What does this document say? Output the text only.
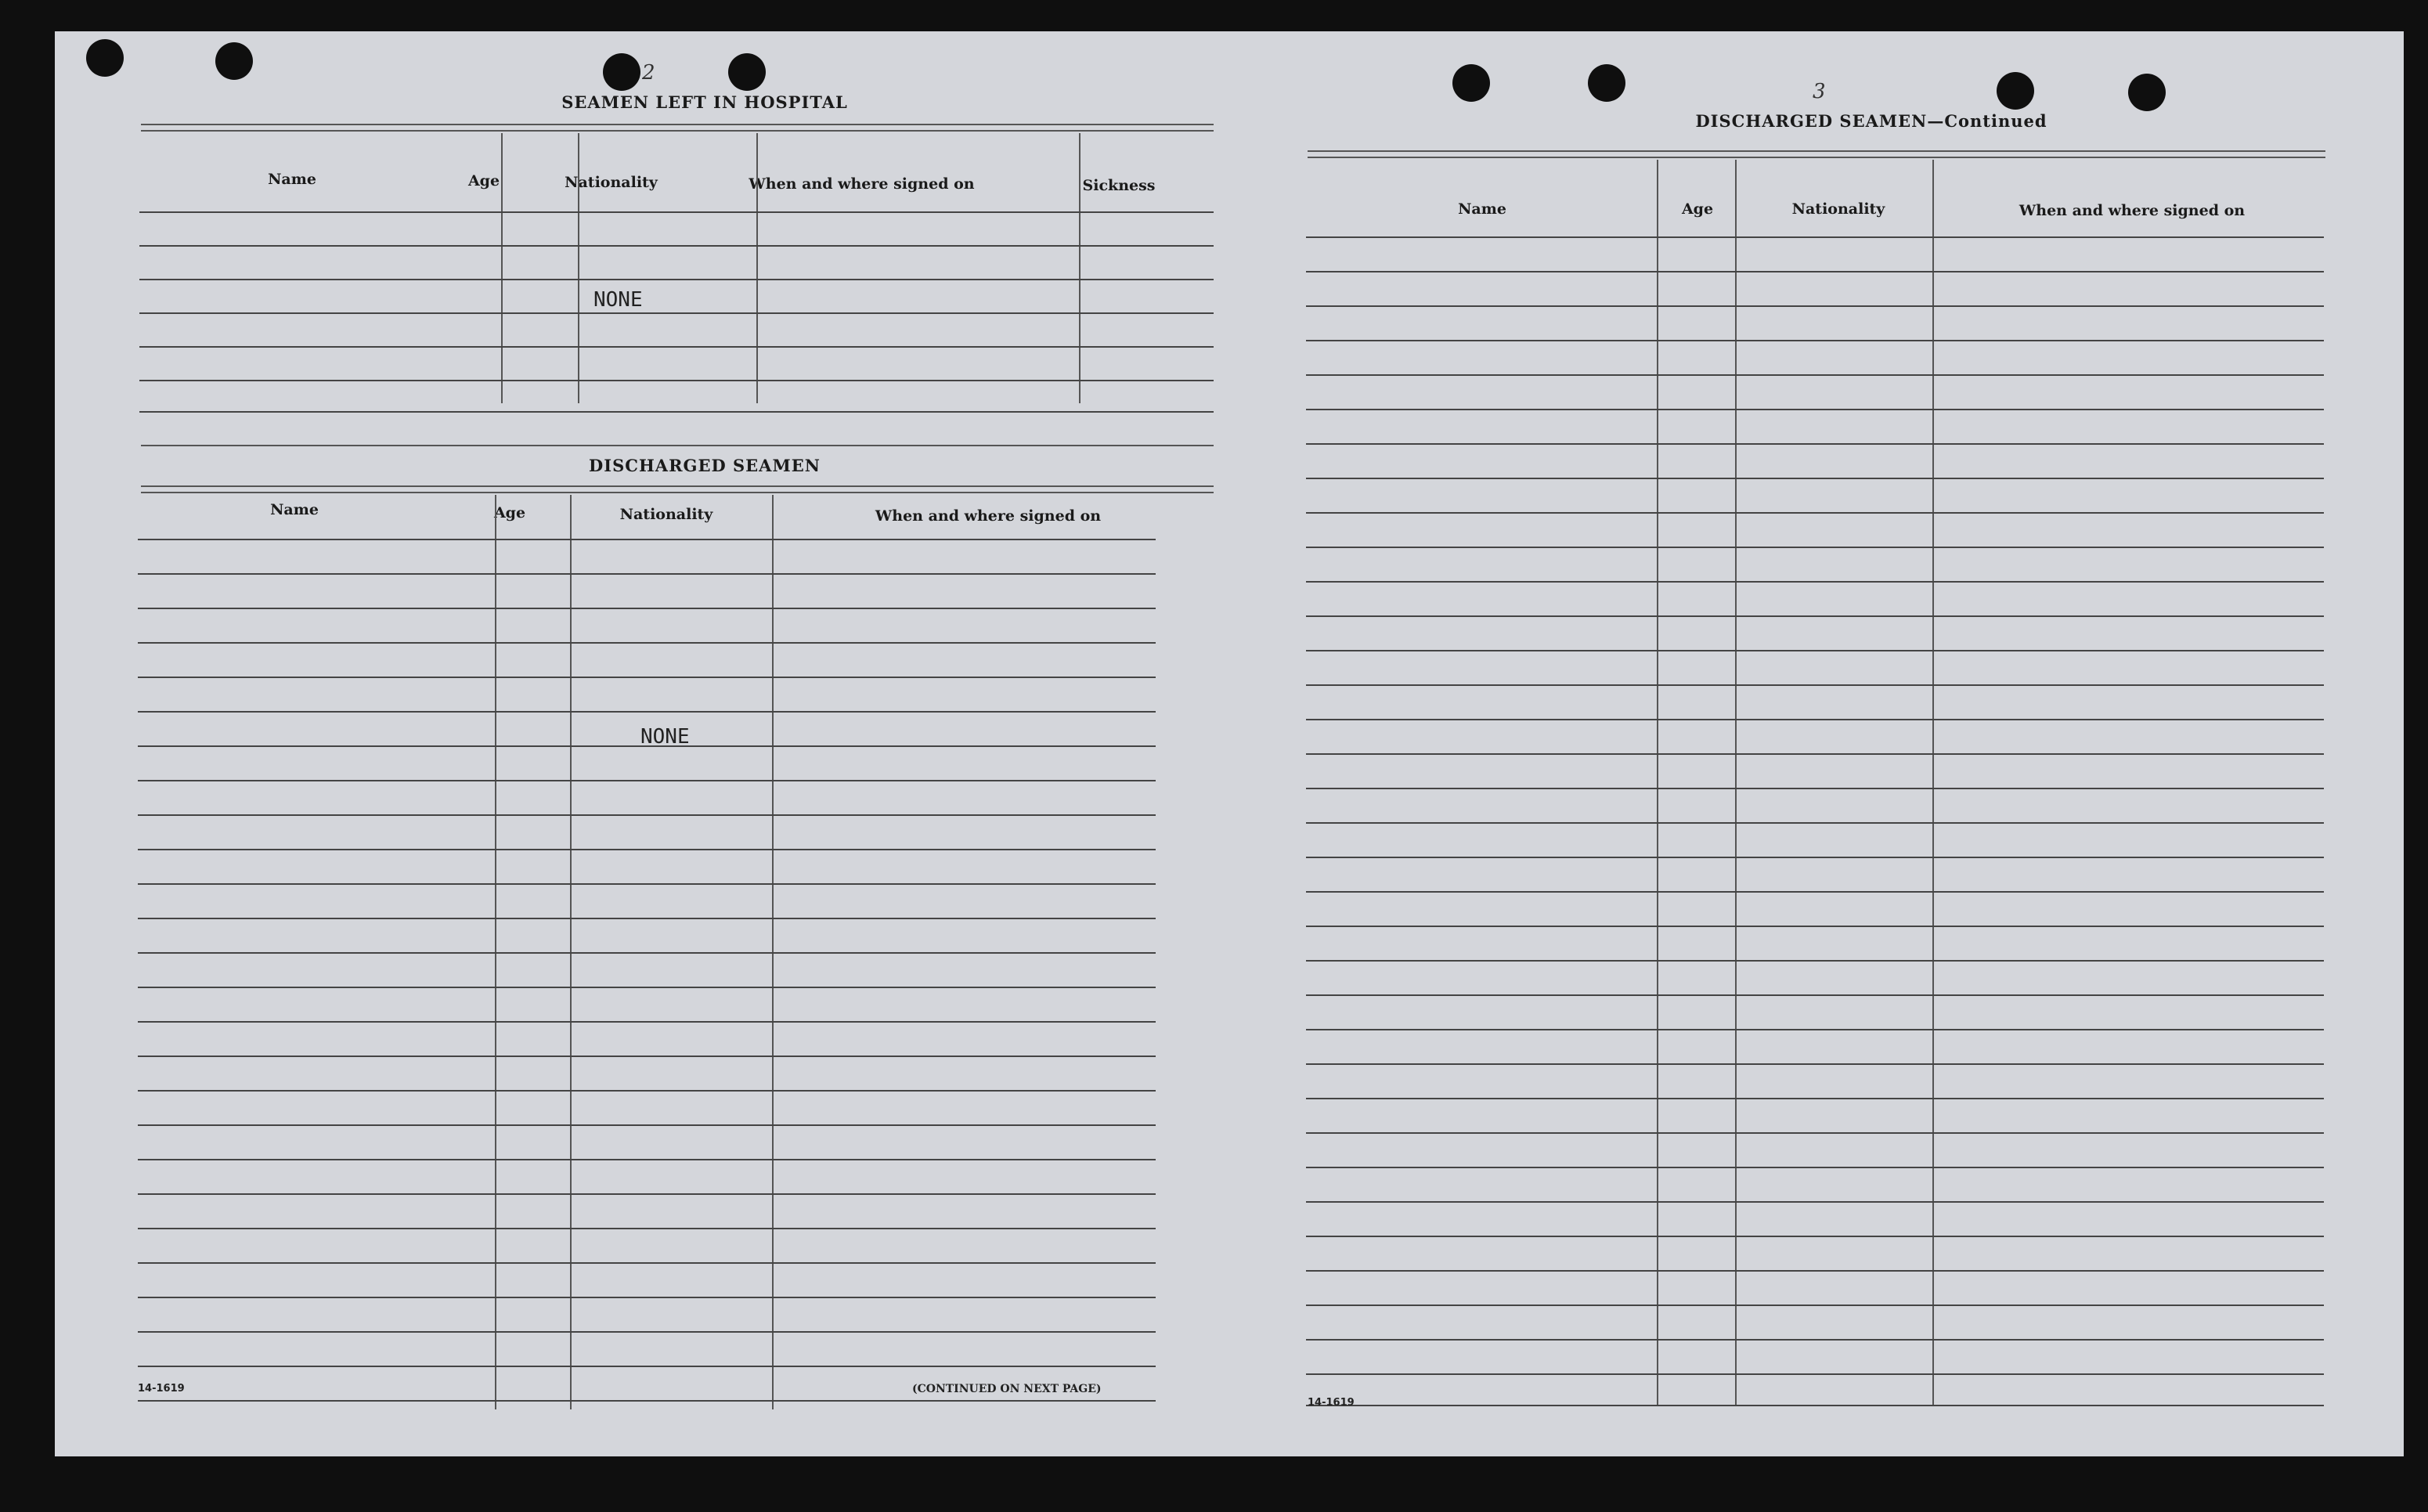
2
SEAMEN LEFT IN HOSPITAL
Name	Age	Nationality	When and where signed on	Sickness
NONE
DISCHARGED SEAMEN
Name	Age	Nationality	When and where signed on
NONE
14-1619	(CONTINUED ON NEXT PAGE)
3
DISCHARGED SEAMEN—Continued
Name	Age	Nationality	When and where signed on
14-1619
